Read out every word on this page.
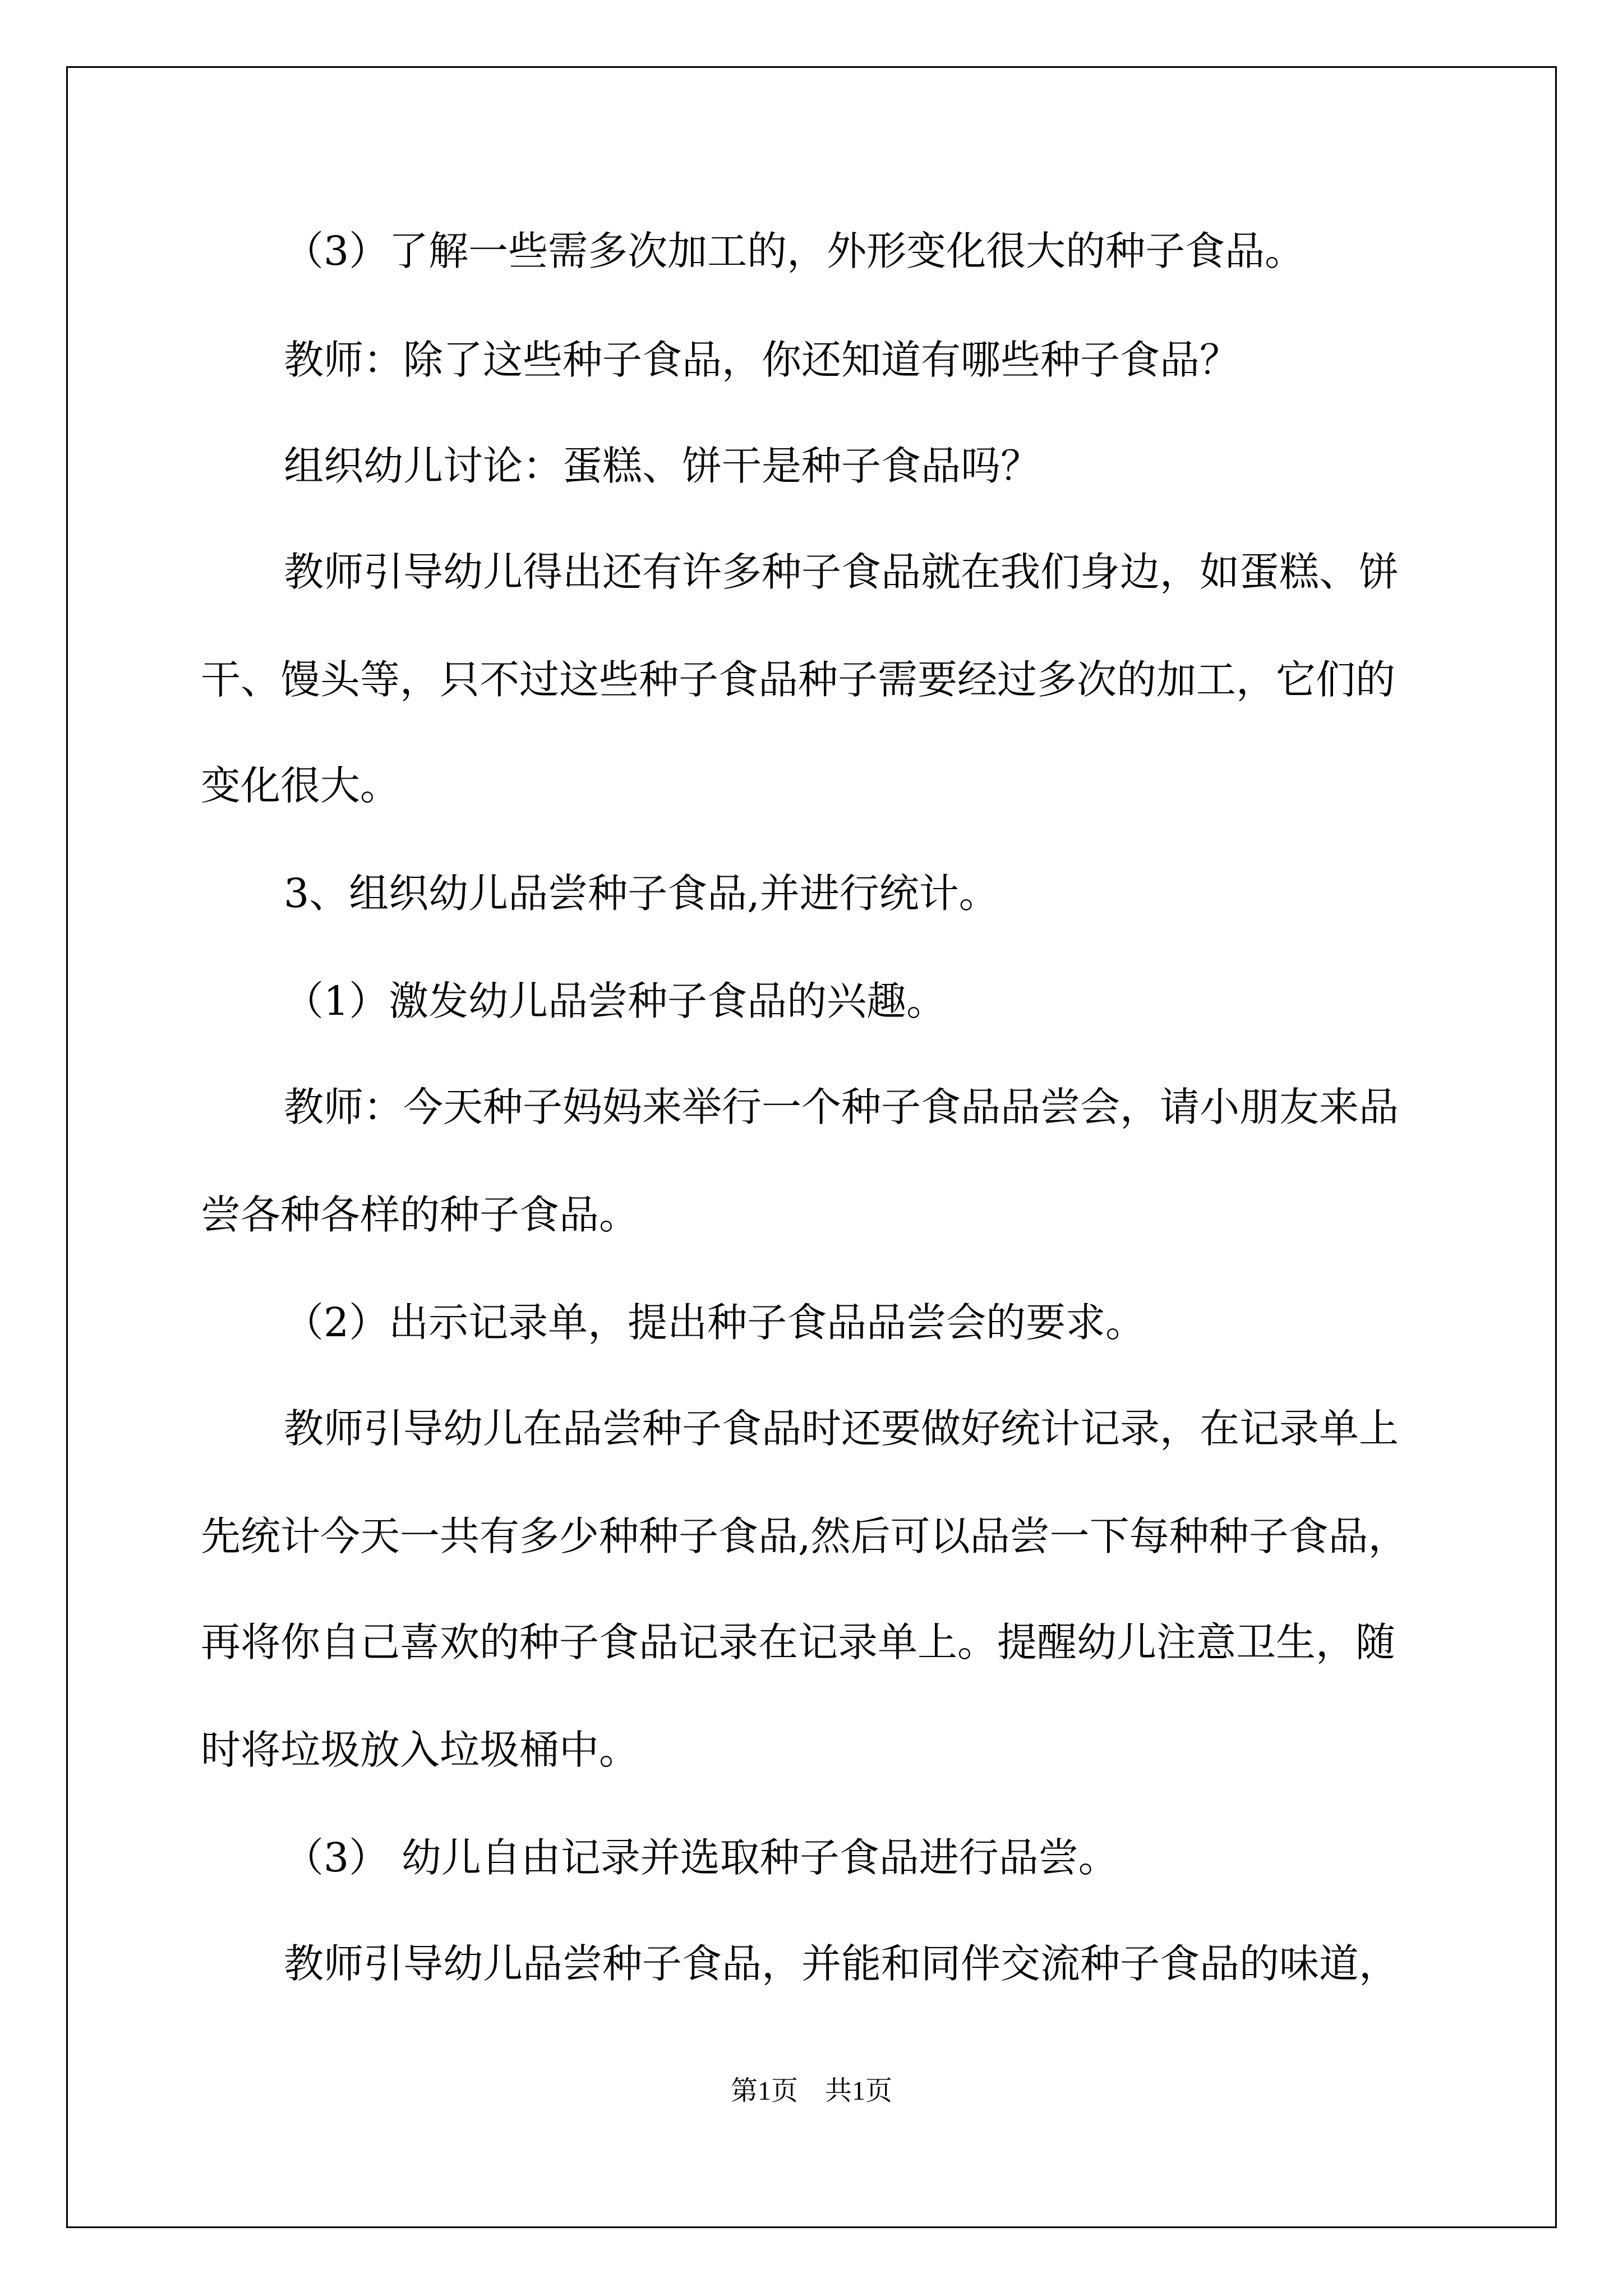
（3）了解一些需多次加工的，外形变化很大的种子食品。
教师：除了这些种子食品，你还知道有哪些种子食品？
组织幼儿讨论：蛋糕、饼干是种子食品吗？
教师引导幼儿得出还有许多种子食品就在我们身边，如蛋糕、饼
干、馒头等，只不过这些种子食品种子需要经过多次的加工，它们的
变化很大。
3、组织幼儿品尝种子食品,并进行统计。
（1）激发幼儿品尝种子食品的兴趣。
教师：今天种子妈妈来举行一个种子食品品尝会，请小朋友来品
尝各种各样的种子食品。
（2）出示记录单，提出种子食品品尝会的要求。
教师引导幼儿在品尝种子食品时还要做好统计记录，在记录单上
先统计今天一共有多少种种子食品,然后可以品尝一下每种种子食品，
再将你自己喜欢的种子食品记录在记录单上。提醒幼儿注意卫生，随
时将垃圾放入垃圾桶中。
（3） 幼儿自由记录并选取种子食品进行品尝。
教师引导幼儿品尝种子食品，并能和同伴交流种子食品的味道，
第1页　共1页
